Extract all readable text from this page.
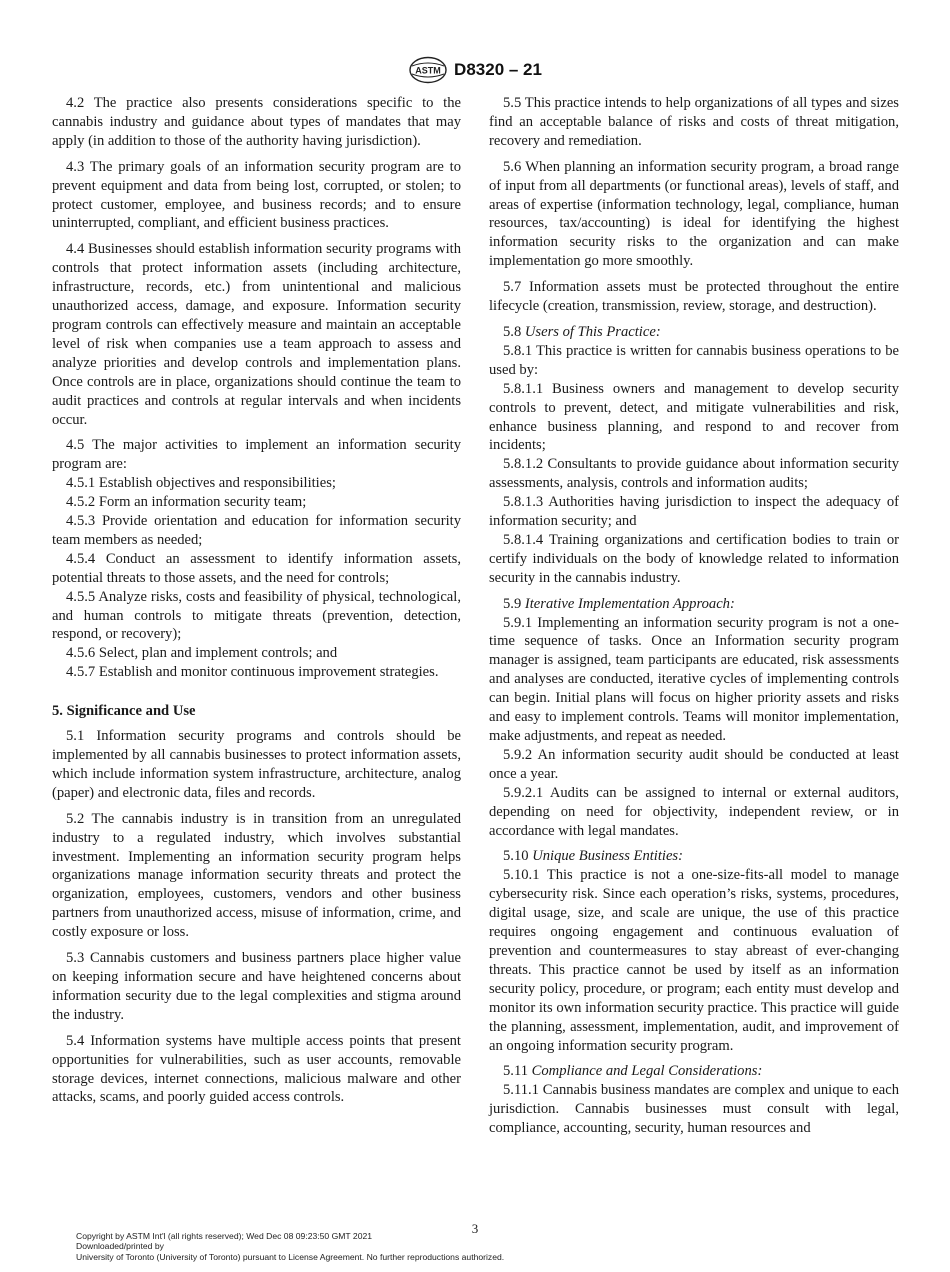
ASTM D8320 – 21

4.2 The practice also presents considerations specific to the cannabis industry and guidance about types of mandates that may apply (in addition to those of the authority having jurisdiction).

4.3 The primary goals of an information security program are to prevent equipment and data from being lost, corrupted, or stolen; to protect customer, employee, and business records; and to ensure uninterrupted, compliant, and efficient business practices.

4.4 Businesses should establish information security programs with controls that protect information assets (including architecture, infrastructure, records, etc.) from unintentional and malicious unauthorized access, damage, and exposure. Information security program controls can effectively measure and maintain an acceptable level of risk when companies use a team approach to assess and analyze priorities and develop controls and implementation plans. Once controls are in place, organizations should continue the team to audit practices and controls at regular intervals and when incidents occur.

4.5 The major activities to implement an information security program are:

4.5.1 Establish objectives and responsibilities;

4.5.2 Form an information security team;

4.5.3 Provide orientation and education for information security team members as needed;

4.5.4 Conduct an assessment to identify information assets, potential threats to those assets, and the need for controls;

4.5.5 Analyze risks, costs and feasibility of physical, technological, and human controls to mitigate threats (prevention, detection, respond, or recovery);

4.5.6 Select, plan and implement controls; and

4.5.7 Establish and monitor continuous improvement strategies.

5. Significance and Use

5.1 Information security programs and controls should be implemented by all cannabis businesses to protect information assets, which include information system infrastructure, architecture, analog (paper) and electronic data, files and records.

5.2 The cannabis industry is in transition from an unregulated industry to a regulated industry, which involves substantial investment. Implementing an information security program helps organizations manage information security threats and protect the organization, employees, customers, vendors and other business partners from unauthorized access, misuse of information, crime, and costly exposure or loss.

5.3 Cannabis customers and business partners place higher value on keeping information secure and have heightened concerns about information security due to the legal complexities and stigma around the industry.

5.4 Information systems have multiple access points that present opportunities for vulnerabilities, such as user accounts, removable storage devices, internet connections, malicious malware and other attacks, scams, and poorly guided access controls.

5.5 This practice intends to help organizations of all types and sizes find an acceptable balance of risks and costs of threat mitigation, recovery and remediation.

5.6 When planning an information security program, a broad range of input from all departments (or functional areas), levels of staff, and areas of expertise (information technology, legal, compliance, human resources, tax/accounting) is ideal for identifying the highest information security risks to the organization and can make implementation go more smoothly.

5.7 Information assets must be protected throughout the entire lifecycle (creation, transmission, review, storage, and destruction).

5.8 Users of This Practice:

5.8.1 This practice is written for cannabis business operations to be used by:

5.8.1.1 Business owners and management to develop security controls to prevent, detect, and mitigate vulnerabilities and risk, enhance business planning, and respond to and recover from incidents;

5.8.1.2 Consultants to provide guidance about information security assessments, analysis, controls and information audits;

5.8.1.3 Authorities having jurisdiction to inspect the adequacy of information security; and

5.8.1.4 Training organizations and certification bodies to train or certify individuals on the body of knowledge related to information security in the cannabis industry.

5.9 Iterative Implementation Approach:

5.9.1 Implementing an information security program is not a one-time sequence of tasks. Once an Information security program manager is assigned, team participants are educated, risk assessments and analyses are conducted, iterative cycles of implementing controls can begin. Initial plans will focus on higher priority assets and risks and easy to implement controls. Teams will monitor implementation, make adjustments, and repeat as needed.

5.9.2 An information security audit should be conducted at least once a year.

5.9.2.1 Audits can be assigned to internal or external auditors, depending on need for objectivity, independent review, or in accordance with legal mandates.

5.10 Unique Business Entities:

5.10.1 This practice is not a one-size-fits-all model to manage cybersecurity risk. Since each operation’s risks, systems, procedures, digital usage, size, and scale are unique, the use of this practice requires ongoing engagement and continuous evaluation of prevention and countermeasures to stay abreast of ever-changing threats. This practice cannot be used by itself as an information security policy, procedure, or program; each entity must develop and monitor its own information security practice. This practice will guide the planning, assessment, implementation, audit, and improvement of an ongoing information security program.

5.11 Compliance and Legal Considerations:

5.11.1 Cannabis business mandates are complex and unique to each jurisdiction. Cannabis businesses must consult with legal, compliance, accounting, security, human resources and

3
Copyright by ASTM Int'l (all rights reserved); Wed Dec 08 09:23:50 GMT 2021
Downloaded/printed by
University of Toronto (University of Toronto) pursuant to License Agreement. No further reproductions authorized.
